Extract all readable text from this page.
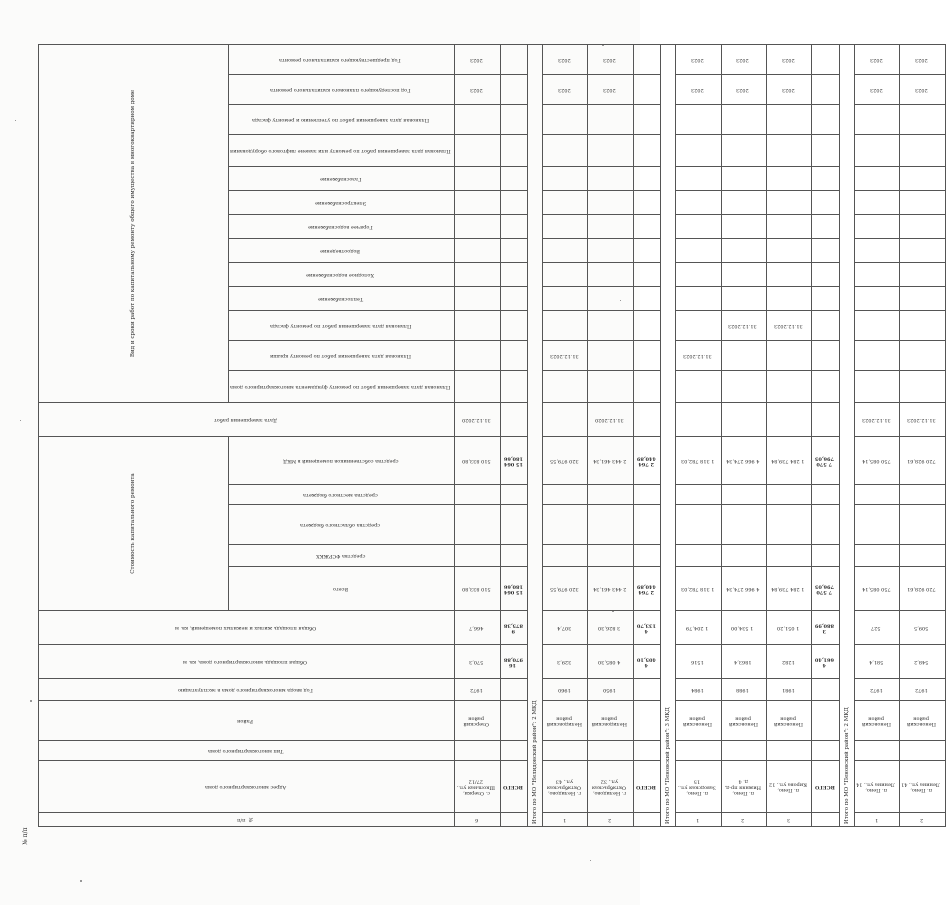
№ п/п
№ п/п	Адрес многоквартирного дома	Тип многоквартирного дома	Район	Год ввода многоквартирного дома в эксплуатацию	Общая площадь многоквартирного дома, кв. м	Общая площадь жилых и нежилых помещений, кв. м	Стоимость капитального ремонта					Дата завершения работ	Вид и сроки работ по капитальному ремонту общего имущества в многоквартирном доме												
							Всего	средства ФСРЖКХ	средства областного бюджета	средства местного бюджета	средства собственников помещений в МКД		Плановая дата завершения работ по ремонту фундамента многоквартирного дома	Плановая дата завершения работ по ремонту крыши	Плановая дата завершения работ по ремонту фасада	Теплоснабжение	Холодное водоснабжение	Водоотведение	Горячее водоснабжение	Электроснабжение	Газоснабжение	Плановая дата завершения работ по ремонту или замене лифтового оборудования	Плановая дата завершения работ по утеплению и ремонту фасада	Год последующего планового капитального ремонта	Год предшествующего капитального ремонта
6	с. Озерки, Школьная ул., 27/12		Озерский район	1972	570,3	466,7	510 833,80				510 833,80	31.12.2020												2023	2023
	ВСЕГО				16 970,88	9 875,38	15 064 180,66				15 064 180,66														
Итого по МО "Нелидовский район": 2 МКД																									
1	г. Нелидово, Октябрьская ул., 43		Нелидовский район	1960	329,3	307,4	320 979,55				320 979,55			31.12.2023										2023	2023
2	г. Нелидово, Октябрьская ул., 32		Нелидовский район	1950	4 085,30	3 826,30	2 443 461,34				2 443 461,34	31.12.2020												2023	2023
	ВСЕГО				4 405,10	4 133,70	2 764 440,89				2 764 440,89														
Итого по МО "Пеновский район": 3 МКД																									
1	п. Пено, Заводская ул., 15		Пеновский район	1984	1516	1 204,79	1 318 782,03				1 318 782,03			31.12.2023										2023	2023
2	п. Пено, Нижняя пр-д, д. 4		Пеновский район	1988	1863,4	1 534,00	4 966 274,34				4 966 274,34				31.12.2023									2023	2023
3	п. Пено, Кирова ул., 12		Пеновский район	1981	1282	1 051,20	1 284 739,84				1 284 739,84				31.12.2023									2023	2023
	ВСЕГО				4 661,40	3 880,99	7 570 796,05				7 570 796,05														
Итого по МО "Пеновский район": 2 МКД																									
1	п. Пено, Ленина ул., 14		Пеновский район	1972	581,4	527	750 085,14				750 085,14	31.12.2023												2023	2023
2	п. Пено, Ленина ул., 41		Пеновский район	1972	548,2	509,5	720 928,61				720 928,61	31.12.2023												2023	2023
